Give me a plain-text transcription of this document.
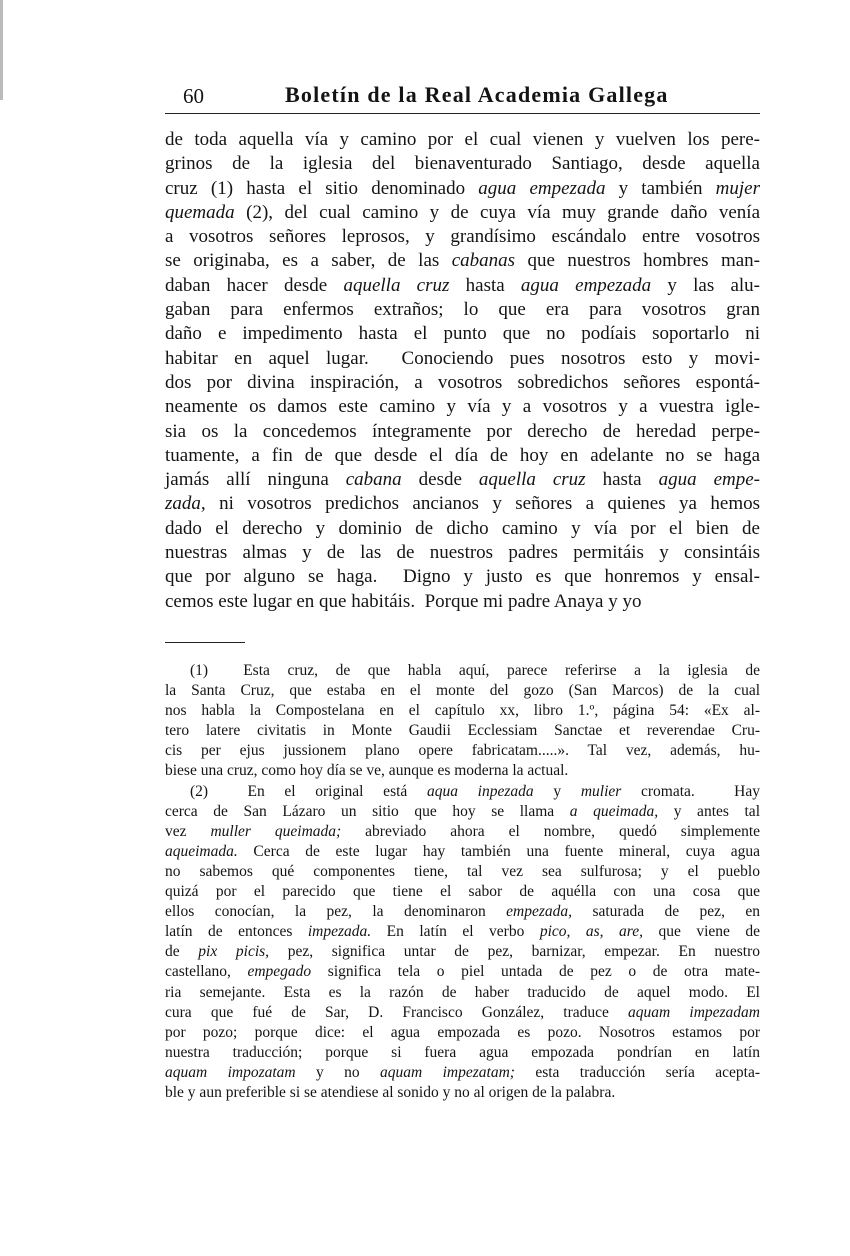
60	Boletín de la Real Academia Gallega
de toda aquella vía y camino por el cual vienen y vuelven los pere-
grinos de la iglesia del bienaventurado Santiago, desde aquella
cruz (1) hasta el sitio denominado agua empezada y también mujer
quemada (2), del cual camino y de cuya vía muy grande daño venía
a vosotros señores leprosos, y grandísimo escándalo entre vosotros
se originaba, es a saber, de las cabanas que nuestros hombres man-
daban hacer desde aquella cruz hasta agua empezada y las alu-
gaban para enfermos extraños; lo que era para vosotros gran
daño e impedimento hasta el punto que no podíais soportarlo ni
habitar en aquel lugar.  Conociendo pues nosotros esto y movi-
dos por divina inspiración, a vosotros sobredichos señores espontá-
neamente os damos este camino y vía y a vosotros y a vuestra igle-
sia os la concedemos íntegramente por derecho de heredad perpe-
tuamente, a fin de que desde el día de hoy en adelante no se haga
jamás allí ninguna cabana desde aquella cruz hasta agua empe-
zada, ni vosotros predichos ancianos y señores a quienes ya hemos
dado el derecho y dominio de dicho camino y vía por el bien de
nuestras almas y de las de nuestros padres permitáis y consintáis
que por alguno se haga.  Digno y justo es que honremos y ensal-
cemos este lugar en que habitáis.  Porque mi padre Anaya y yo
(1)  Esta cruz, de que habla aquí, parece referirse a la iglesia de
la Santa Cruz, que estaba en el monte del gozo (San Marcos) de la cual
nos habla la Compostelana en el capítulo xx, libro 1.º, página 54: «Ex al-
tero latere civitatis in Monte Gaudii Ecclessiam Sanctae et reverendae Cru-
cis per ejus jussionem plano opere fabricatam.....». Tal vez, además, hu-
biese una cruz, como hoy día se ve, aunque es moderna la actual.
(2)  En el original está aqua inpezada y mulier cromata.  Hay
cerca de San Lázaro un sitio que hoy se llama a queimada, y antes tal
vez muller queimada; abreviado ahora el nombre, quedó simplemente
aqueimada. Cerca de este lugar hay también una fuente mineral, cuya agua
no sabemos qué componentes tiene, tal vez sea sulfurosa; y el pueblo
quizá por el parecido que tiene el sabor de aquélla con una cosa que
ellos conocían, la pez, la denominaron empezada, saturada de pez, en
latín de entonces impezada. En latín el verbo pico, as, are, que viene de
de pix picis, pez, significa untar de pez, barnizar, empezar. En nuestro
castellano, empegado significa tela o piel untada de pez o de otra mate-
ria semejante. Esta es la razón de haber traducido de aquel modo. El
cura que fué de Sar, D. Francisco González, traduce aquam impezadam
por pozo; porque dice: el agua empozada es pozo. Nosotros estamos por
nuestra traducción; porque si fuera agua empozada pondrían en latín
aquam impozatam y no aquam impezatam; esta traducción sería acepta-
ble y aun preferible si se atendiese al sonido y no al origen de la palabra.
